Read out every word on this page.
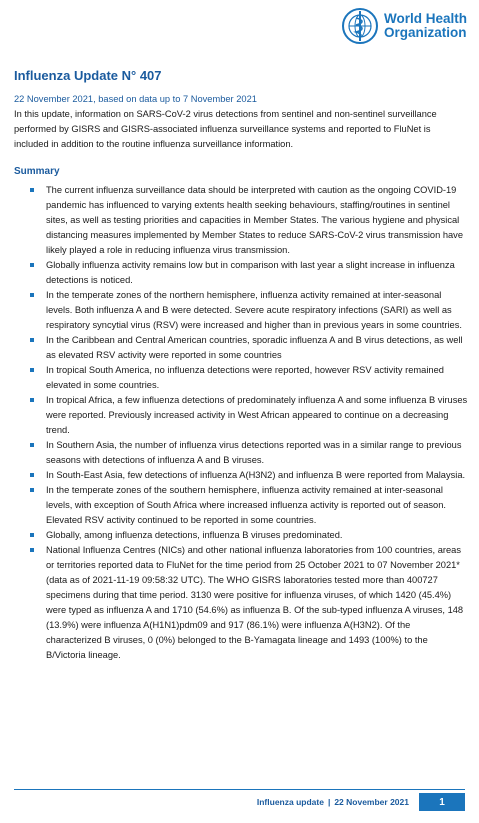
World Health
Organization
Influenza Update N° 407
22 November 2021, based on data up to 7 November 2021
In this update, information on SARS-CoV-2 virus detections from sentinel and non-sentinel surveillance performed by GISRS and GISRS-associated influenza surveillance systems and reported to FluNet is included in addition to the routine influenza surveillance information.
Summary
The current influenza surveillance data should be interpreted with caution as the ongoing COVID-19 pandemic has influenced to varying extents health seeking behaviours, staffing/routines in sentinel sites, as well as testing priorities and capacities in Member States. The various hygiene and physical distancing measures implemented by Member States to reduce SARS-CoV-2 virus transmission have likely played a role in reducing influenza virus transmission.
Globally influenza activity remains low but in comparison with last year a slight increase in influenza detections is noticed.
In the temperate zones of the northern hemisphere, influenza activity remained at inter-seasonal levels. Both influenza A and B were detected. Severe acute respiratory infections (SARI) as well as respiratory syncytial virus (RSV) were increased and higher than in previous years in some countries.
In the Caribbean and Central American countries, sporadic influenza A and B virus detections, as well as elevated RSV activity were reported in some countries
In tropical South America, no influenza detections were reported, however RSV activity remained elevated in some countries.
In tropical Africa, a few influenza detections of predominately influenza A and some influenza B viruses were reported. Previously increased activity in West African appeared to continue on a decreasing trend.
In Southern Asia, the number of influenza virus detections reported was in a similar range to previous seasons with detections of influenza A and B viruses.
In South-East Asia, few detections of influenza A(H3N2) and influenza B were reported from Malaysia.
In the temperate zones of the southern hemisphere, influenza activity remained at inter-seasonal levels, with exception of South Africa where increased influenza activity is reported out of season. Elevated RSV activity continued to be reported in some countries.
Globally, among influenza detections, influenza B viruses predominated.
National Influenza Centres (NICs) and other national influenza laboratories from 100 countries, areas or territories reported data to FluNet for the time period from 25 October 2021 to 07 November 2021* (data as of 2021-11-19 09:58:32 UTC). The WHO GISRS laboratories tested more than 400727 specimens during that time period. 3130 were positive for influenza viruses, of which 1420 (45.4%) were typed as influenza A and 1710 (54.6%) as influenza B. Of the sub-typed influenza A viruses, 148 (13.9%) were influenza A(H1N1)pdm09 and 917 (86.1%) were influenza A(H3N2). Of the characterized B viruses, 0 (0%) belonged to the B-Yamagata lineage and 1493 (100%) to the B/Victoria lineage.
Influenza update | 22 November 2021	1
